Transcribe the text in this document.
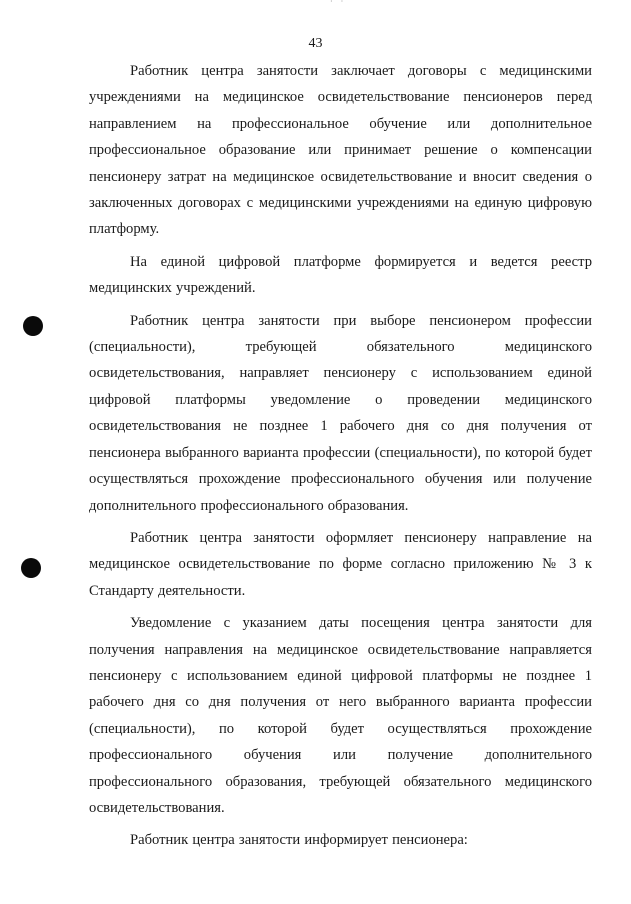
· ·
43

Работник центра занятости заключает договоры с медицинскими учреждениями на медицинское освидетельствование пенсионеров перед направлением на профессиональное обучение или дополнительное профессиональное образование или принимает решение о компенсации пенсионеру затрат на медицинское освидетельствование и вносит сведения о заключенных договорах с медицинскими учреждениями на единую цифровую платформу.

На единой цифровой платформе формируется и ведется реестр медицинских учреждений.

Работник центра занятости при выборе пенсионером профессии (специальности), требующей обязательного медицинского освидетельствования, направляет пенсионеру с использованием единой цифровой платформы уведомление о проведении медицинского освидетельствования не позднее 1 рабочего дня со дня получения от пенсионера выбранного варианта профессии (специальности), по которой будет осуществляться прохождение профессионального обучения или получение дополнительного профессионального образования.

Работник центра занятости оформляет пенсионеру направление на медицинское освидетельствование по форме согласно приложению № 3 к Стандарту деятельности.

Уведомление с указанием даты посещения центра занятости для получения направления на медицинское освидетельствование направляется пенсионеру с использованием единой цифровой платформы не позднее 1 рабочего дня со дня получения от него выбранного варианта профессии (специальности), по которой будет осуществляться прохождение профессионального обучения или получение дополнительного профессионального образования, требующей обязательного медицинского освидетельствования.

Работник центра занятости информирует пенсионера:
